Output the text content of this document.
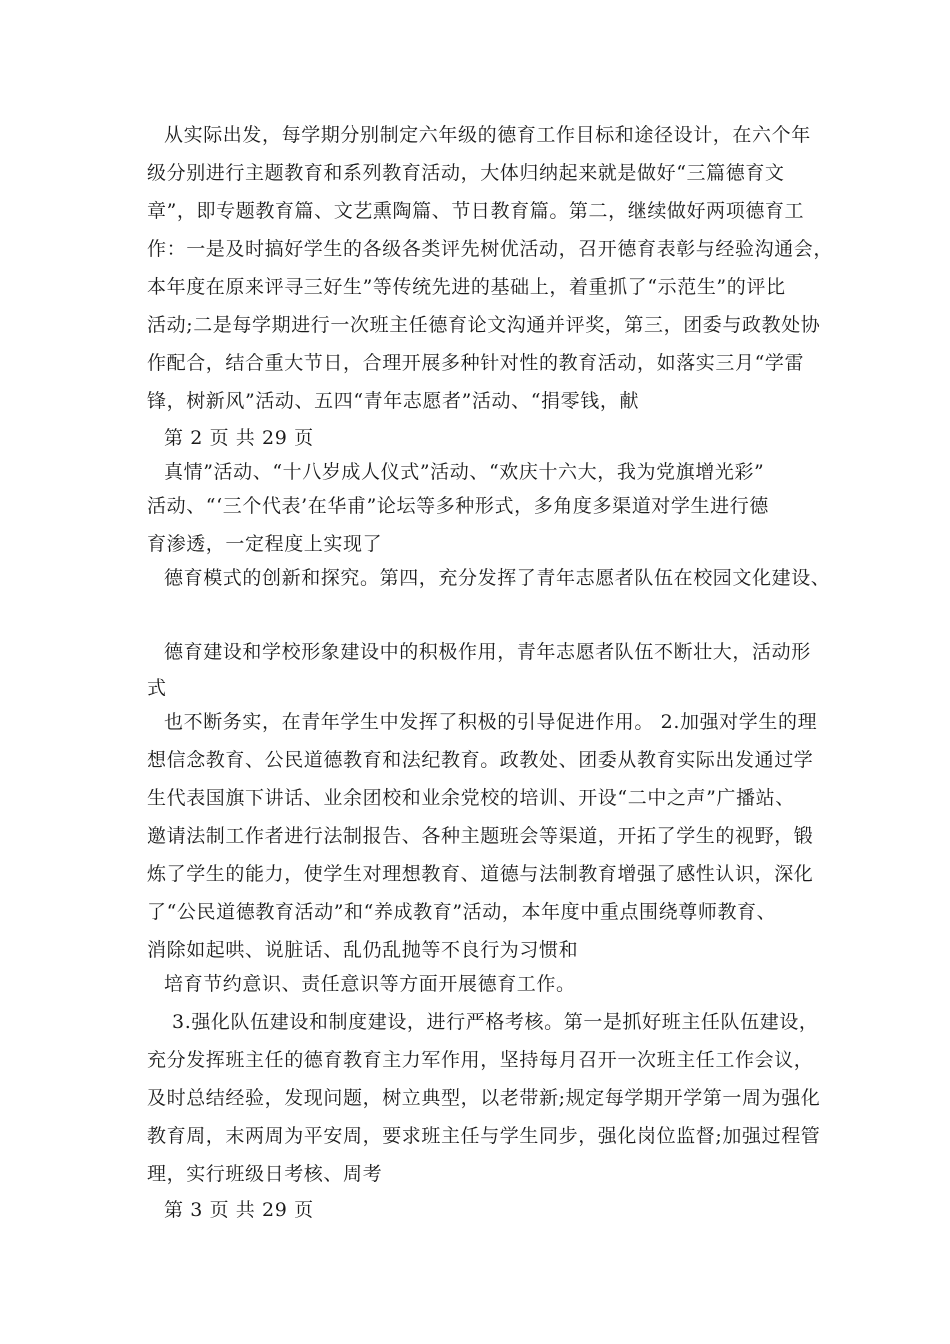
从实际出发，每学期分别制定六年级的德育工作目标和途径设计，在六个年
级分别进行主题教育和系列教育活动，大体归纳起来就是做好“三篇德育文
章”，即专题教育篇、文艺熏陶篇、节日教育篇。第二，继续做好两项德育工
作：一是及时搞好学生的各级各类评先树优活动，召开德育表彰与经验沟通会，
本年度在原来评寻三好生”等传统先进的基础上，着重抓了“示范生”的评比
活动;二是每学期进行一次班主任德育论文沟通并评奖，第三，团委与政教处协
作配合，结合重大节日，合理开展多种针对性的教育活动，如落实三月“学雷
锋，树新风”活动、五四“青年志愿者”活动、“捐零钱，献
第 2 页 共 29 页
真情”活动、“十八岁成人仪式”活动、“欢庆十六大，我为党旗增光彩”
活动、“‘三个代表’在华甫”论坛等多种形式，多角度多渠道对学生进行德
育渗透，一定程度上实现了
德育模式的创新和探究。第四，充分发挥了青年志愿者队伍在校园文化建设、
德育建设和学校形象建设中的积极作用，青年志愿者队伍不断壮大，活动形
式
也不断务实，在青年学生中发挥了积极的引导促进作用。 2.加强对学生的理
想信念教育、公民道德教育和法纪教育。政教处、团委从教育实际出发通过学
生代表国旗下讲话、业余团校和业余党校的培训、开设“二中之声”广播站、
邀请法制工作者进行法制报告、各种主题班会等渠道，开拓了学生的视野，锻
炼了学生的能力，使学生对理想教育、道德与法制教育增强了感性认识，深化
了“公民道德教育活动”和“养成教育”活动，本年度中重点围绕尊师教育、
消除如起哄、说脏话、乱仍乱抛等不良行为习惯和
培育节约意识、责任意识等方面开展德育工作。
3.强化队伍建设和制度建设，进行严格考核。第一是抓好班主任队伍建设，
充分发挥班主任的德育教育主力军作用，坚持每月召开一次班主任工作会议，
及时总结经验，发现问题，树立典型，以老带新;规定每学期开学第一周为强化
教育周，末两周为平安周，要求班主任与学生同步，强化岗位监督;加强过程管
理，实行班级日考核、周考
第 3 页 共 29 页
